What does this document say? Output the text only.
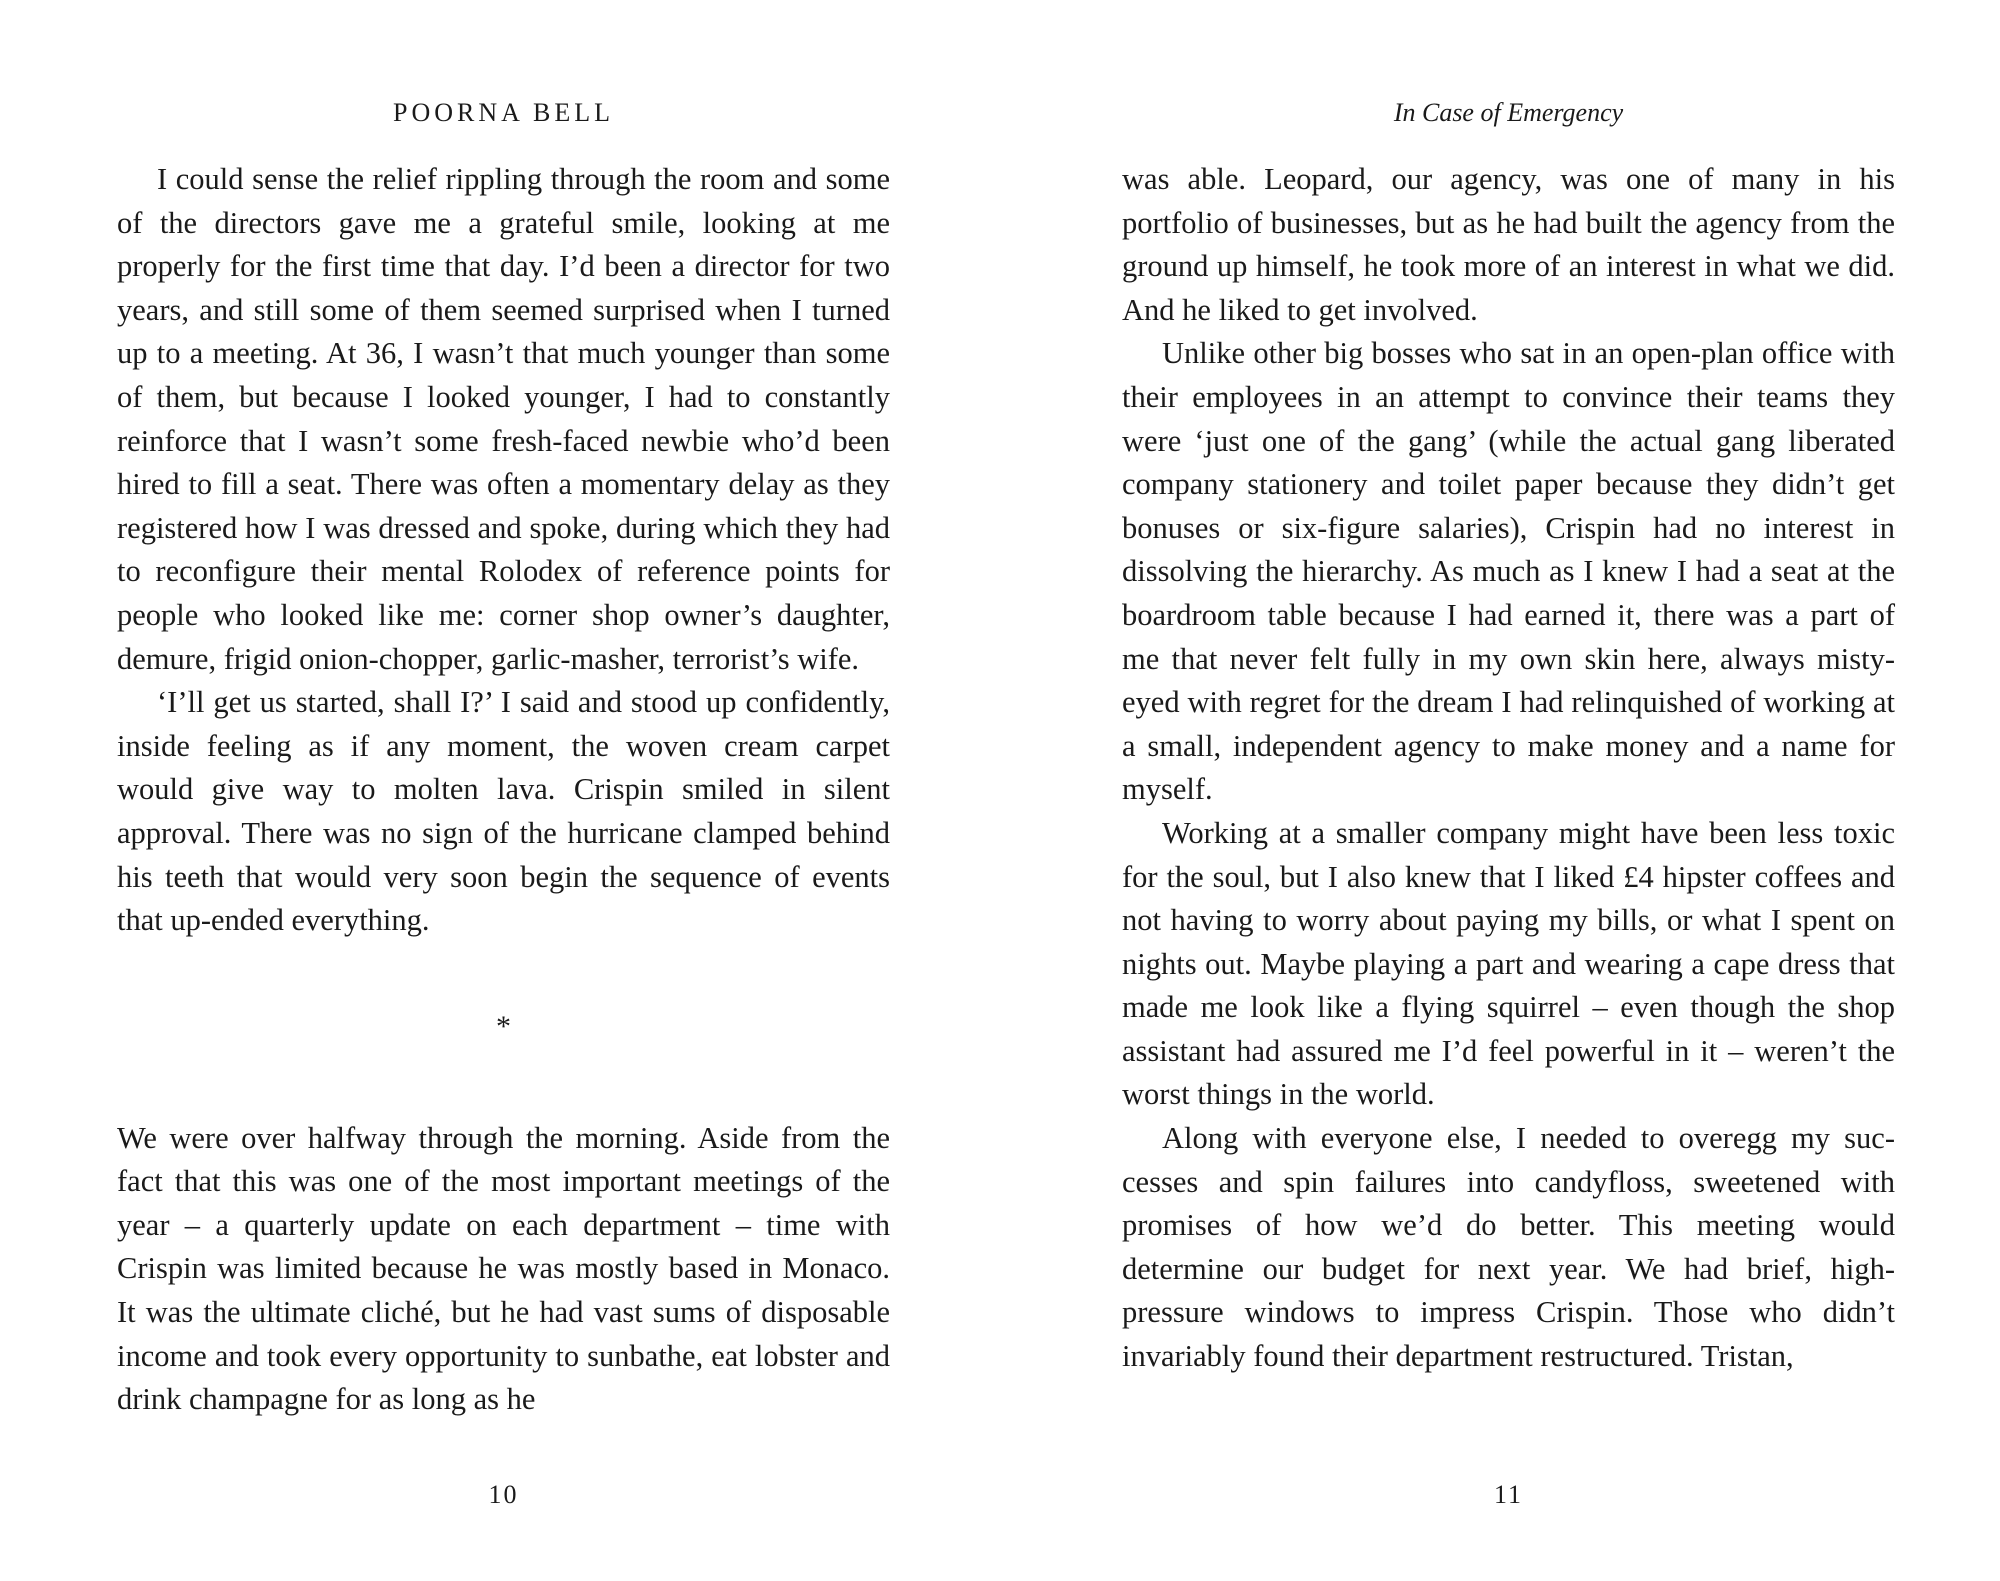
POORNA BELL

I could sense the relief rippling through the room and some of the directors gave me a grateful smile, looking at me properly for the first time that day. I’d been a director for two years, and still some of them seemed surprised when I turned up to a meeting. At 36, I wasn’t that much younger than some of them, but because I looked younger, I had to constantly reinforce that I wasn’t some fresh-faced newbie who’d been hired to fill a seat. There was often a momentary delay as they registered how I was dressed and spoke, during which they had to reconfigure their mental Rolodex of reference points for people who looked like me: corner shop owner’s daughter, demure, frigid onion-chopper, garlic-masher, terrorist’s wife.

‘I’ll get us started, shall I?’ I said and stood up confidently, inside feeling as if any moment, the woven cream carpet would give way to molten lava. Crispin smiled in silent approval. There was no sign of the hurricane clamped behind his teeth that would very soon begin the sequence of events that up-ended everything.

*

We were over halfway through the morning. Aside from the fact that this was one of the most important meetings of the year – a quarterly update on each department – time with Crispin was limited because he was mostly based in Monaco. It was the ultimate cliché, but he had vast sums of disposable income and took every opportunity to sunbathe, eat lobster and drink champagne for as long as he

10
In Case of Emergency

was able. Leopard, our agency, was one of many in his portfolio of businesses, but as he had built the agency from the ground up himself, he took more of an interest in what we did. And he liked to get involved.

Unlike other big bosses who sat in an open-plan office with their employees in an attempt to convince their teams they were ‘just one of the gang’ (while the actual gang liberated company stationery and toilet paper because they didn’t get bonuses or six-figure salaries), Crispin had no interest in dissolving the hierarchy. As much as I knew I had a seat at the boardroom table because I had earned it, there was a part of me that never felt fully in my own skin here, always misty-eyed with regret for the dream I had relinquished of working at a small, independent agency to make money and a name for myself.

Working at a smaller company might have been less toxic for the soul, but I also knew that I liked £4 hipster coffees and not having to worry about paying my bills, or what I spent on nights out. Maybe playing a part and wearing a cape dress that made me look like a flying squirrel – even though the shop assistant had assured me I’d feel powerful in it – weren’t the worst things in the world.

Along with everyone else, I needed to overegg my successes and spin failures into candyfloss, sweetened with promises of how we’d do better. This meeting would determine our budget for next year. We had brief, high-pressure windows to impress Crispin. Those who didn’t invariably found their department restructured. Tristan,

11
